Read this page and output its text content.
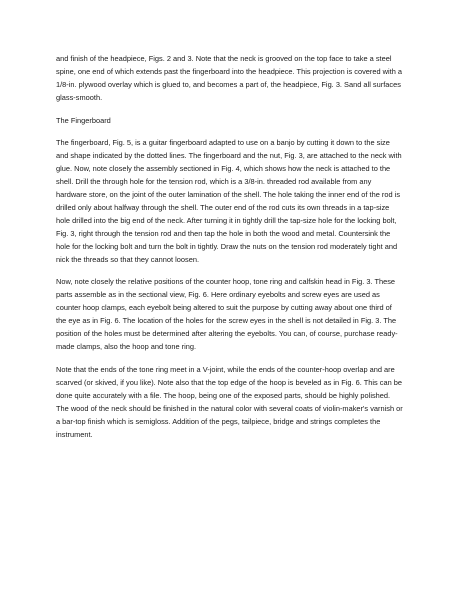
and finish of the headpiece, Figs. 2 and 3. Note that the neck is grooved on the top face to take a steel spine, one end of which extends past the fingerboard into the headpiece. This projection is covered with a 1/8-in. plywood overlay which is glued to, and becomes a part of, the headpiece, Fig. 3. Sand all surfaces glass-smooth.

The Fingerboard

The fingerboard, Fig. 5, is a guitar fingerboard adapted to use on a banjo by cutting it down to the size and shape indicated by the dotted lines. The fingerboard and the nut, Fig. 3, are attached to the neck with glue. Now, note closely the assembly sectioned in Fig. 4, which shows how the neck is attached to the shell. Drill the through hole for the tension rod, which is a 3/8-in. threaded rod available from any hardware store, on the joint of the outer lamination of the shell. The hole taking the inner end of the rod is drilled only about halfway through the shell. The outer end of the rod cuts its own threads in a tap-size hole drilled into the big end of the neck. After turning it in tightly drill the tap-size hole for the locking bolt, Fig. 3, right through the tension rod and then tap the hole in both the wood and metal. Countersink the hole for the locking bolt and turn the bolt in tightly. Draw the nuts on the tension rod moderately tight and nick the threads so that they cannot loosen.

Now, note closely the relative positions of the counter hoop, tone ring and calfskin head in Fig. 3. These parts assemble as in the sectional view, Fig. 6. Here ordinary eyebolts and screw eyes are used as counter hoop clamps, each eyebolt being altered to suit the purpose by cutting away about one third of the eye as in Fig. 6. The location of the holes for the screw eyes in the shell is not detailed in Fig. 3. The position of the holes must be determined after altering the eyebolts. You can, of course, purchase ready-made clamps, also the hoop and tone ring.

Note that the ends of the tone ring meet in a V-joint, while the ends of the counter-hoop overlap and are scarved (or skived, if you like). Note also that the top edge of the hoop is beveled as in Fig. 6. This can be done quite accurately with a file. The hoop, being one of the exposed parts, should be highly polished. The wood of the neck should be finished in the natural color with several coats of violin-maker's varnish or a bar-top finish which is semigloss. Addition of the pegs, tailpiece, bridge and strings completes the instrument.
